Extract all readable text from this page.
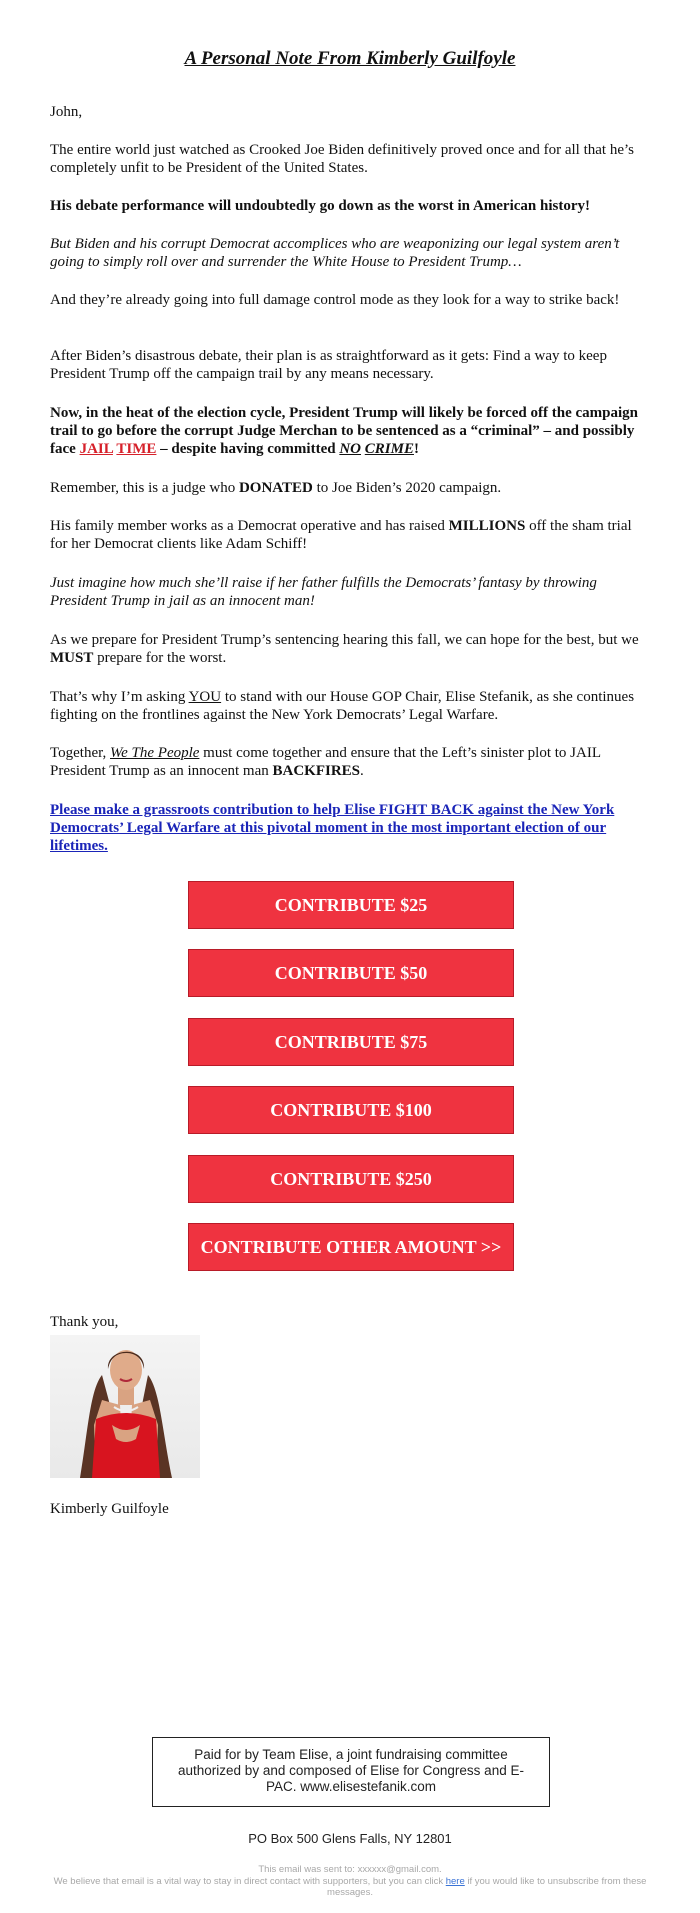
A Personal Note From Kimberly Guilfoyle

John,

The entire world just watched as Crooked Joe Biden definitively proved once and for all that he’s completely unfit to be President of the United States.

His debate performance will undoubtedly go down as the worst in American history!

But Biden and his corrupt Democrat accomplices who are weaponizing our legal system aren’t going to simply roll over and surrender the White House to President Trump…

And they’re already going into full damage control mode as they look for a way to strike back!

After Biden’s disastrous debate, their plan is as straightforward as it gets: Find a way to keep President Trump off the campaign trail by any means necessary.

Now, in the heat of the election cycle, President Trump will likely be forced off the campaign trail to go before the corrupt Judge Merchan to be sentenced as a “criminal” – and possibly face JAIL TIME – despite having committed NO CRIME!

Remember, this is a judge who DONATED to Joe Biden’s 2020 campaign.

His family member works as a Democrat operative and has raised MILLIONS off the sham trial for her Democrat clients like Adam Schiff!

Just imagine how much she’ll raise if her father fulfills the Democrats’ fantasy by throwing President Trump in jail as an innocent man!

As we prepare for President Trump’s sentencing hearing this fall, we can hope for the best, but we MUST prepare for the worst.

That’s why I’m asking YOU to stand with our House GOP Chair, Elise Stefanik, as she continues fighting on the frontlines against the New York Democrats’ Legal Warfare.

Together, We The People must come together and ensure that the Left’s sinister plot to JAIL President Trump as an innocent man BACKFIRES.

Please make a grassroots contribution to help Elise FIGHT BACK against the New York Democrats’ Legal Warfare at this pivotal moment in the most important election of our lifetimes.

CONTRIBUTE $25
CONTRIBUTE $50
CONTRIBUTE $75
CONTRIBUTE $100
CONTRIBUTE $250
CONTRIBUTE OTHER AMOUNT >>

Thank you,

Kimberly Guilfoyle

Paid for by Team Elise, a joint fundraising committee authorized by and composed of Elise for Congress and E-PAC. www.elisestefanik.com
PO Box 500 Glens Falls, NY 12801
This email was sent to: xxxxxx@gmail.com.
We believe that email is a vital way to stay in direct contact with supporters, but you can click here if you would like to unsubscribe from these messages.
